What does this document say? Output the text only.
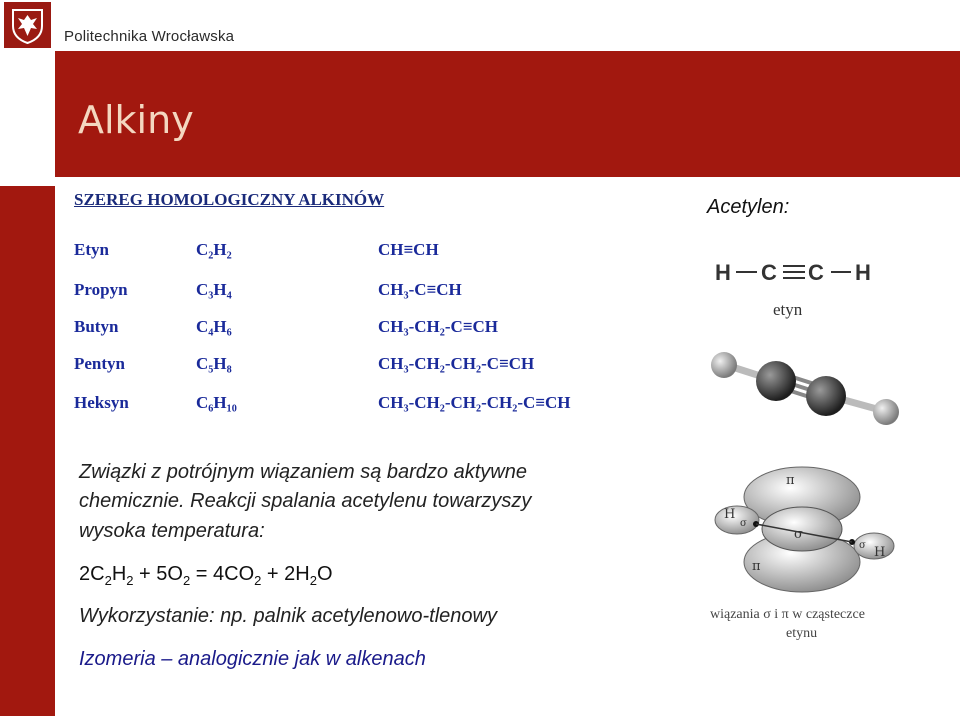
Politechnika Wrocławska
Alkiny
SZEREG HOMOLOGICZNY ALKINÓW
Etyn	C₂H₂	CH≡CH
Propyn	C₃H₄	CH₃-C≡CH
Butyn	C₄H₆	CH₃-CH₂-C≡CH
Pentyn	C₅H₈	CH₃-CH₂-CH₂-C≡CH
Heksyn	C₆H₁₀	CH₃-CH₂-CH₂-CH₂-C≡CH
Acetylen:
H C C H
etyn
π
π
σ
H
H
σ
σ
wiązania σ i π w cząsteczce
etynu
Związki z potrójnym wiązaniem są bardzo aktywne
chemicznie. Reakcji spalania acetylenu towarzyszy
wysoka temperatura:
$2C_2H_2 + 5O_2 = 4CO_2 + 2H_2O$
Wykorzystanie: np. palnik acetylenowo-tlenowy
Izomeria – analogicznie jak w alkenach
